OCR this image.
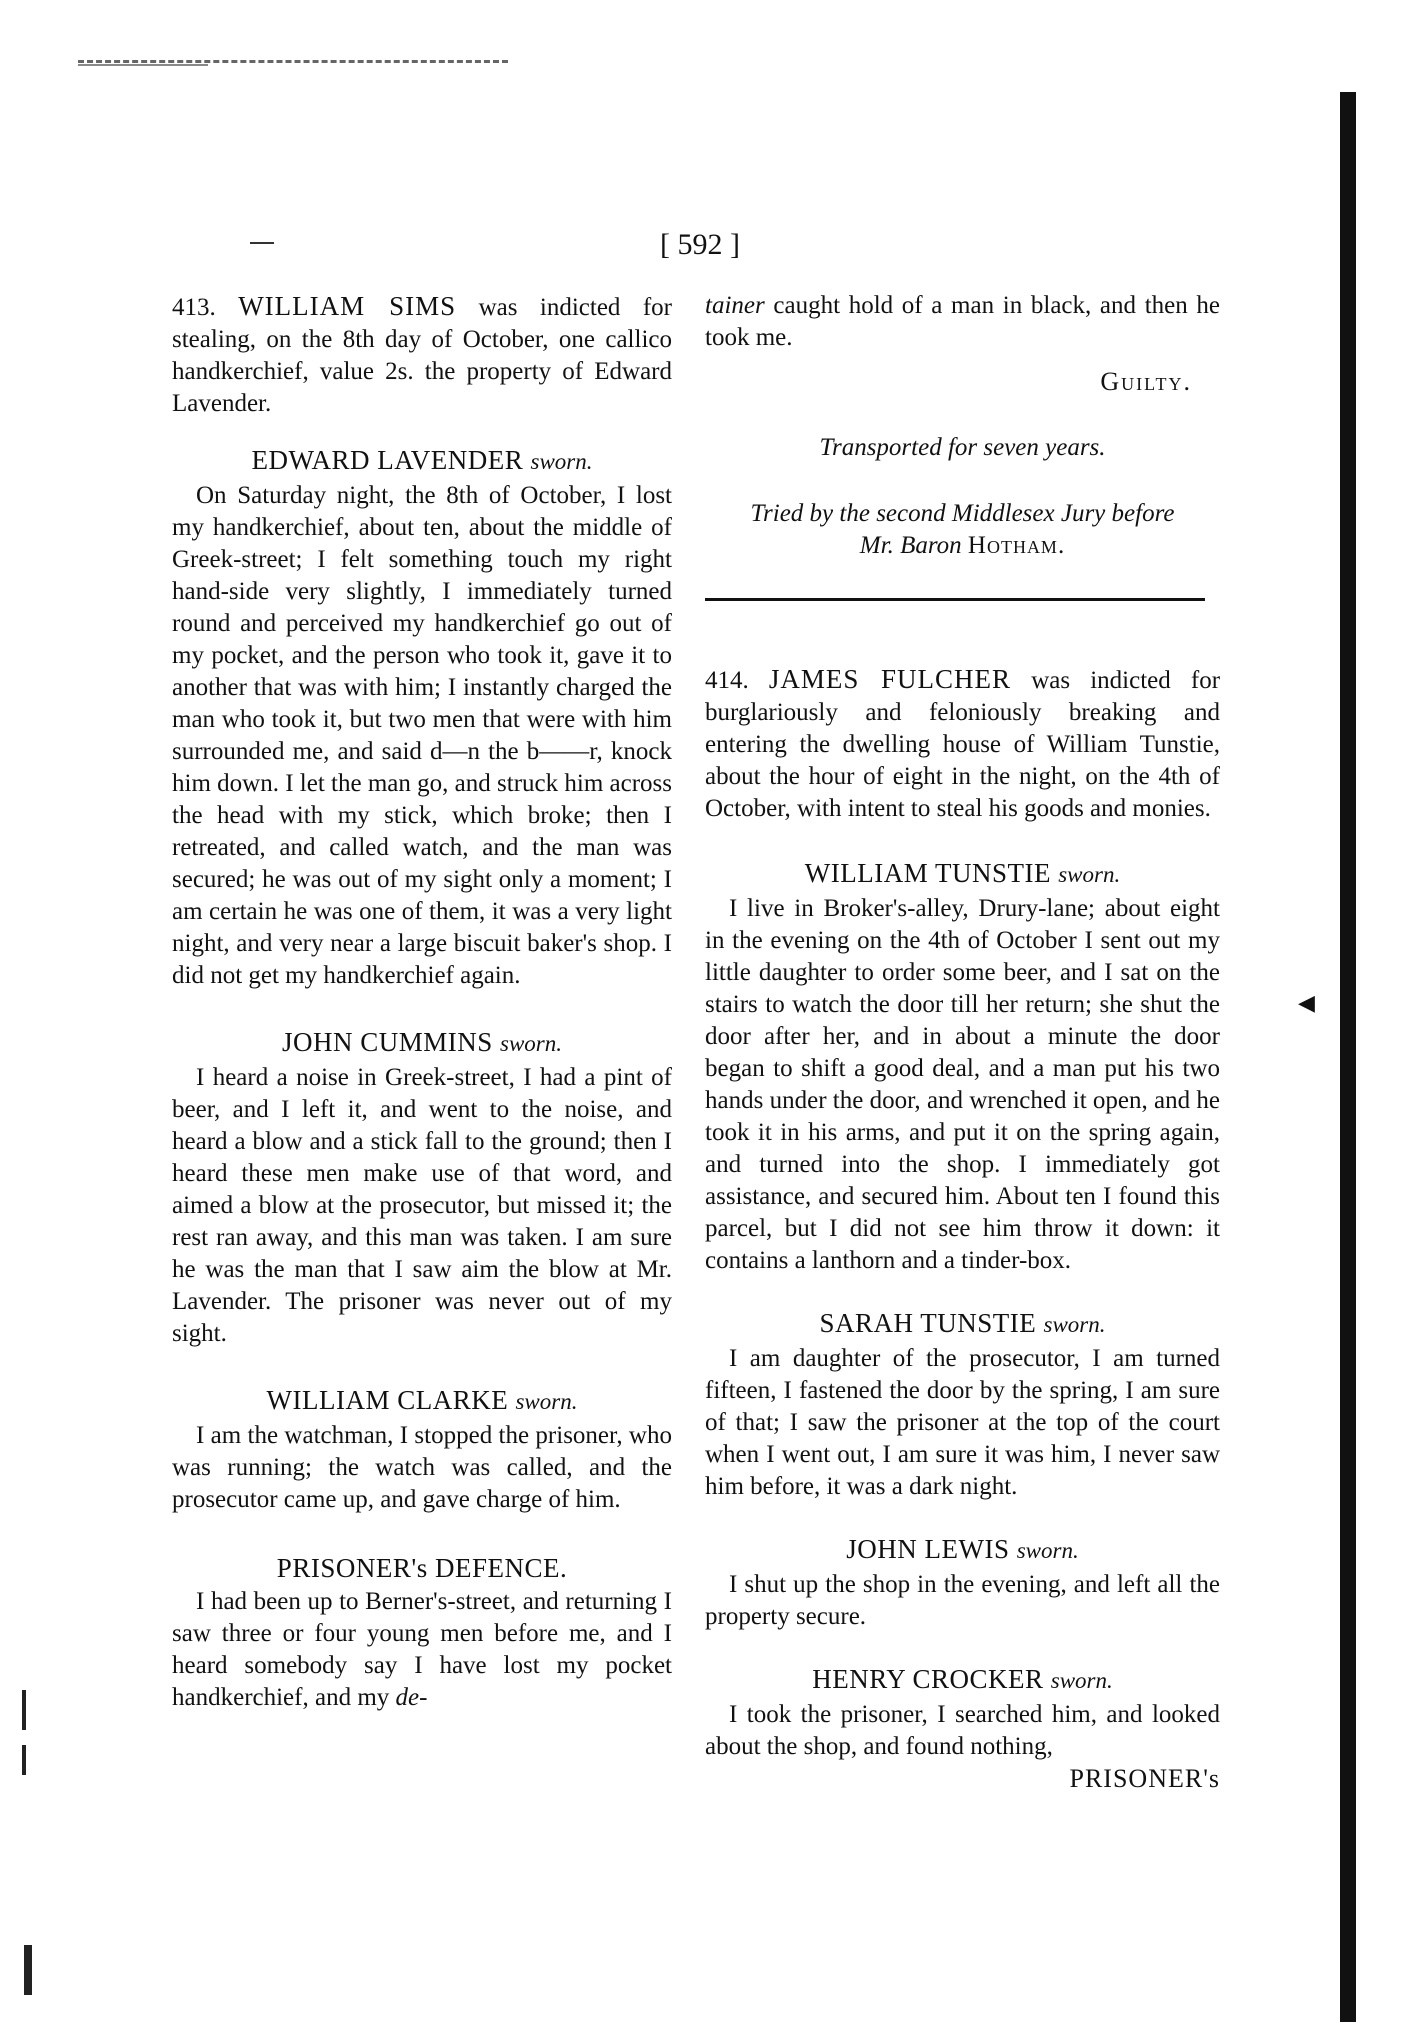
◀
[ 592 ]

413. WILLIAM SIMS was indicted for stealing, on the 8th day of October, one callico handkerchief, value 2s. the property of Edward Lavender.

EDWARD LAVENDER sworn.

On Saturday night, the 8th of October, I lost my handkerchief, about ten, about the middle of Greek-street; I felt something touch my right hand-side very slightly, I immediately turned round and perceived my handkerchief go out of my pocket, and the person who took it, gave it to another that was with him; I instantly charged the man who took it, but two men that were with him surrounded me, and said d—n the b——r, knock him down. I let the man go, and struck him across the head with my stick, which broke; then I retreated, and called watch, and the man was secured; he was out of my sight only a moment; I am certain he was one of them, it was a very light night, and very near a large biscuit baker's shop. I did not get my handkerchief again.

JOHN CUMMINS sworn.

I heard a noise in Greek-street, I had a pint of beer, and I left it, and went to the noise, and heard a blow and a stick fall to the ground; then I heard these men make use of that word, and aimed a blow at the prosecutor, but missed it; the rest ran away, and this man was taken. I am sure he was the man that I saw aim the blow at Mr. Lavender. The prisoner was never out of my sight.

WILLIAM CLARKE sworn.

I am the watchman, I stopped the prisoner, who was running; the watch was called, and the prosecutor came up, and gave charge of him.

PRISONER's DEFENCE.

I had been up to Berner's-street, and returning I saw three or four young men before me, and I heard somebody say I have lost my pocket handkerchief, and my de-

tainer caught hold of a man in black, and then he took me.

Guilty.
Transported for seven years.
Tried by the second Middlesex Jury before
Mr. Baron Hotham.

414. JAMES FULCHER was indicted for burglariously and feloniously breaking and entering the dwelling house of William Tunstie, about the hour of eight in the night, on the 4th of October, with intent to steal his goods and monies.

WILLIAM TUNSTIE sworn.

I live in Broker's-alley, Drury-lane; about eight in the evening on the 4th of October I sent out my little daughter to order some beer, and I sat on the stairs to watch the door till her return; she shut the door after her, and in about a minute the door began to shift a good deal, and a man put his two hands under the door, and wrenched it open, and he took it in his arms, and put it on the spring again, and turned into the shop. I immediately got assistance, and secured him. About ten I found this parcel, but I did not see him throw it down: it contains a lanthorn and a tinder-box.

SARAH TUNSTIE sworn.

I am daughter of the prosecutor, I am turned fifteen, I fastened the door by the spring, I am sure of that; I saw the prisoner at the top of the court when I went out, I am sure it was him, I never saw him before, it was a dark night.

JOHN LEWIS sworn.

I shut up the shop in the evening, and left all the property secure.

HENRY CROCKER sworn.

I took the prisoner, I searched him, and looked about the shop, and found nothing,

PRISONER's
